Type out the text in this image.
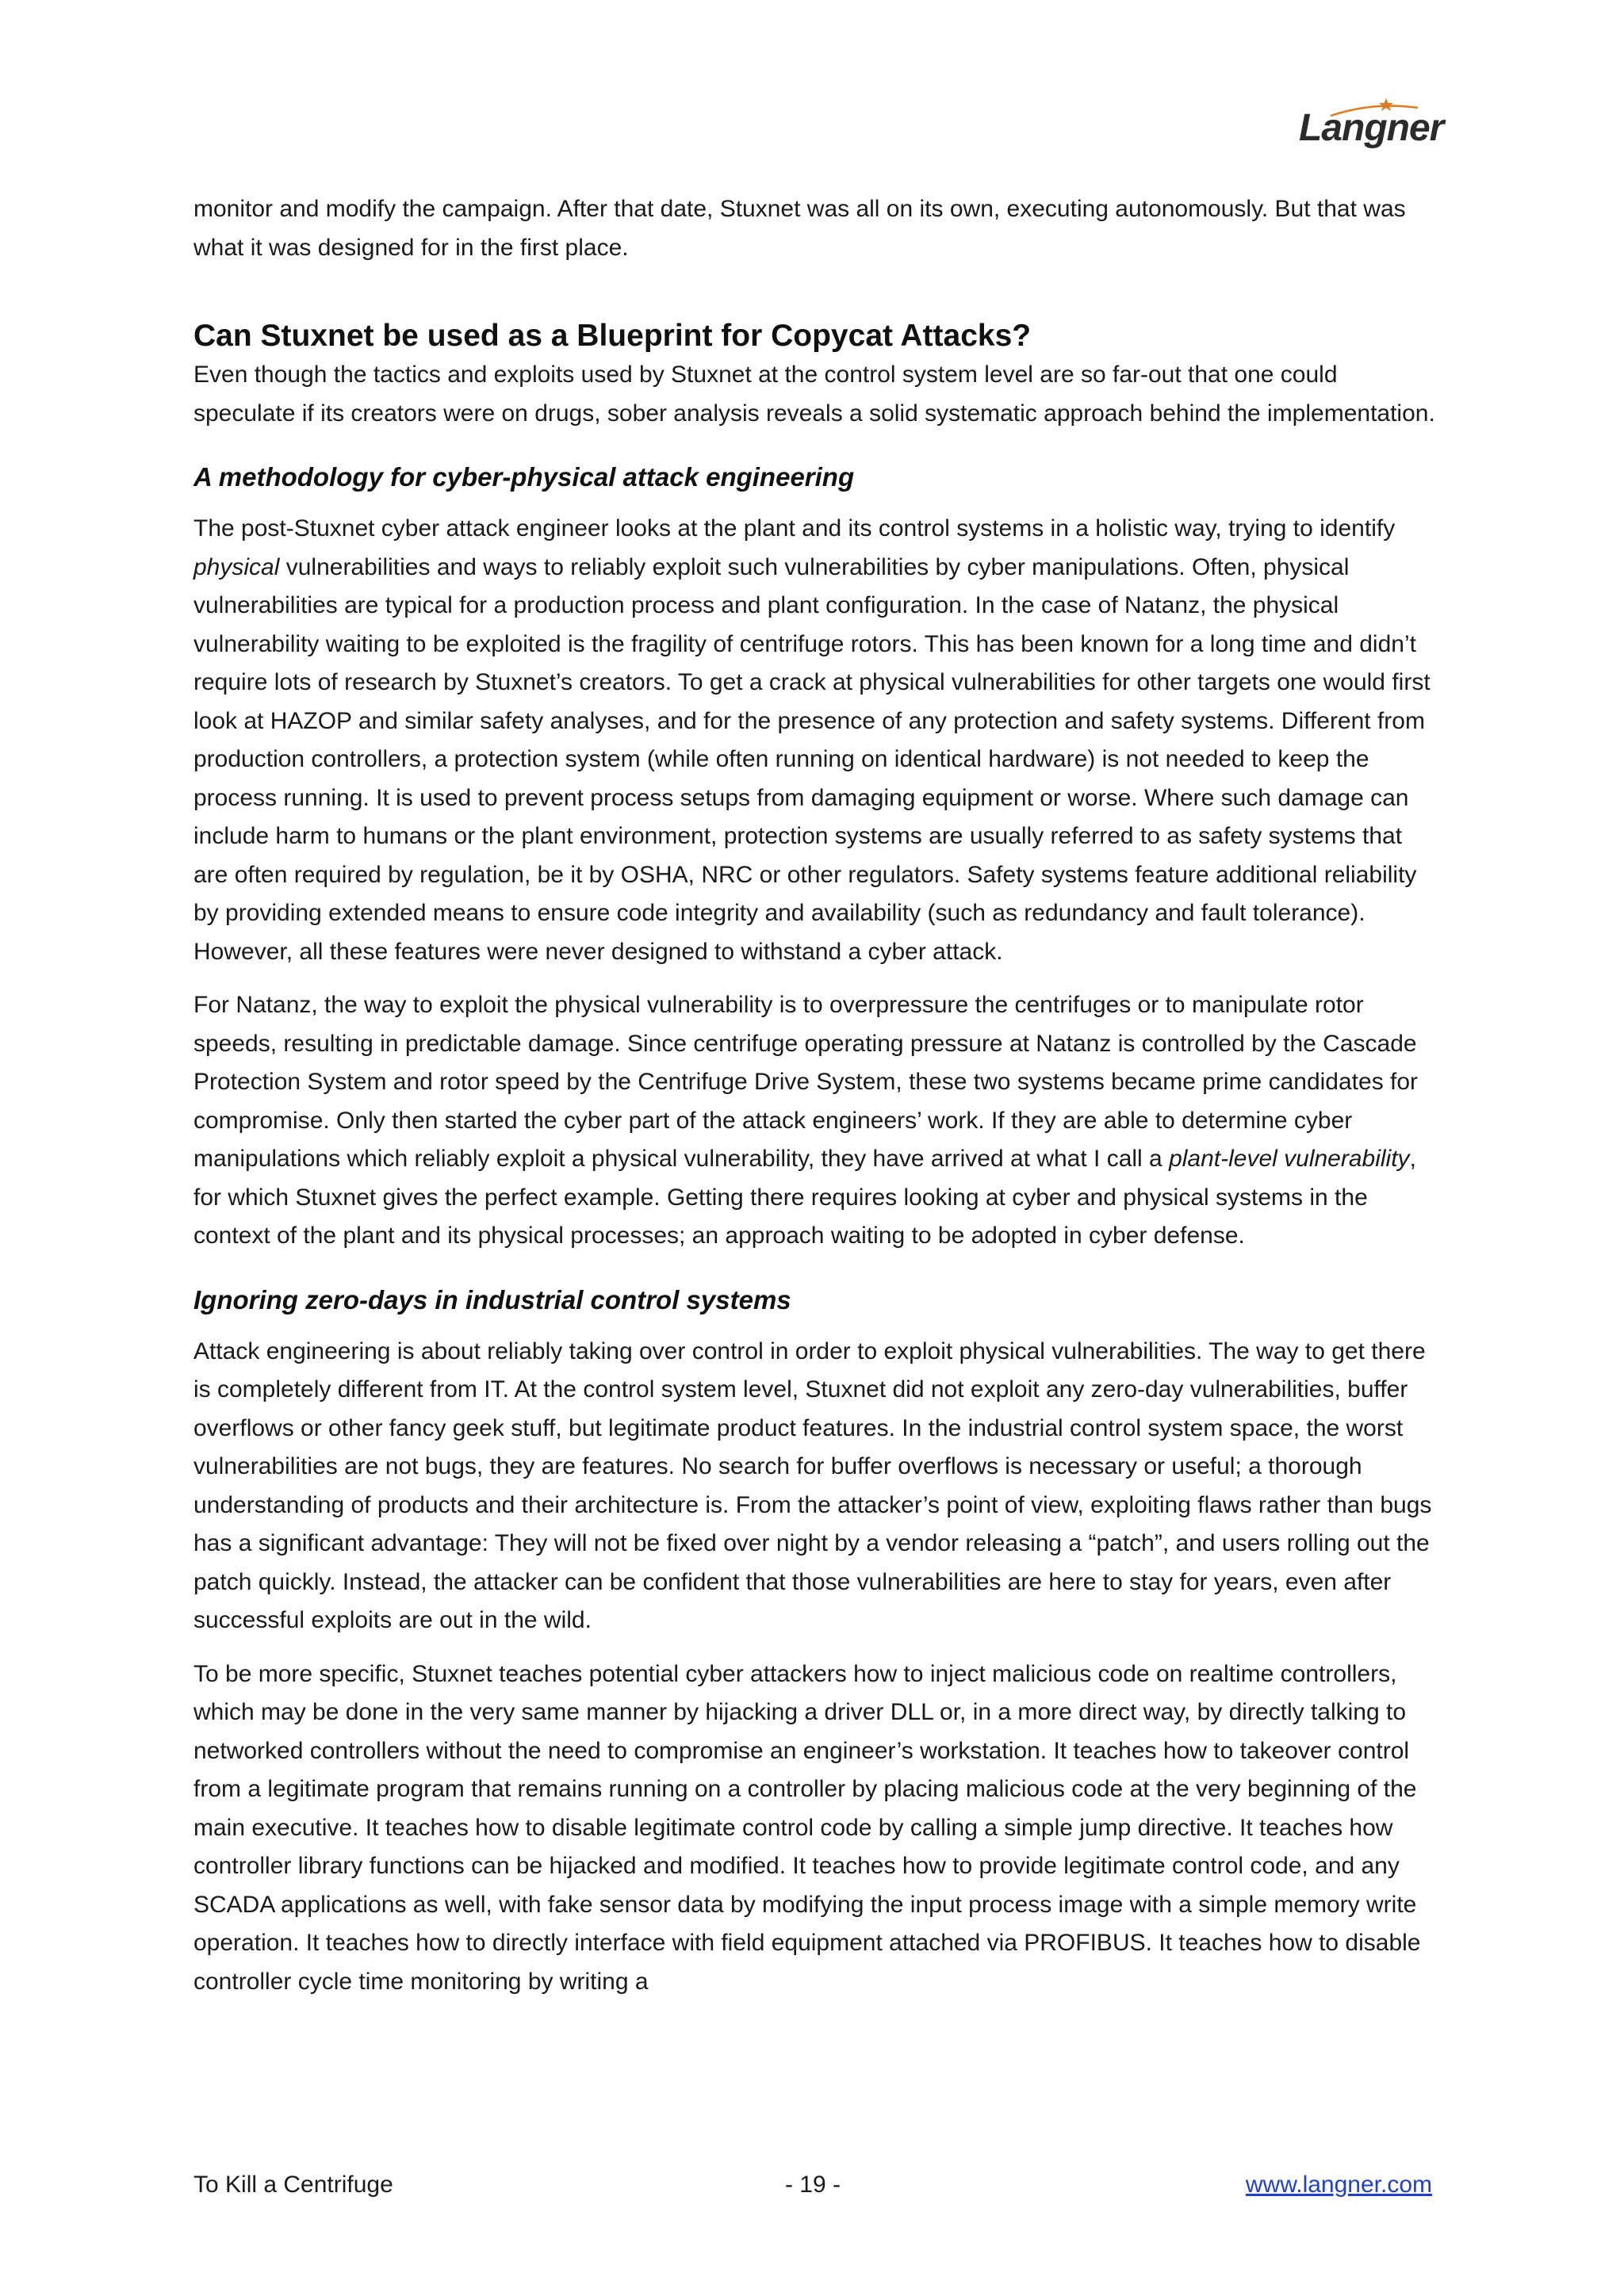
Langner

monitor and modify the campaign. After that date, Stuxnet was all on its own, executing autonomously. But that was what it was designed for in the first place.

Can Stuxnet be used as a Blueprint for Copycat Attacks?

Even though the tactics and exploits used by Stuxnet at the control system level are so far-out that one could speculate if its creators were on drugs, sober analysis reveals a solid systematic approach behind the implementation.

A methodology for cyber-physical attack engineering

The post-Stuxnet cyber attack engineer looks at the plant and its control systems in a holistic way, trying to identify physical vulnerabilities and ways to reliably exploit such vulnerabilities by cyber manipulations. Often, physical vulnerabilities are typical for a production process and plant configuration. In the case of Natanz, the physical vulnerability waiting to be exploited is the fragility of centrifuge rotors. This has been known for a long time and didn’t require lots of research by Stuxnet’s creators. To get a crack at physical vulnerabilities for other targets one would first look at HAZOP and similar safety analyses, and for the presence of any protection and safety systems. Different from production controllers, a protection system (while often running on identical hardware) is not needed to keep the process running. It is used to prevent process setups from damaging equipment or worse. Where such damage can include harm to humans or the plant environment, protection systems are usually referred to as safety systems that are often required by regulation, be it by OSHA, NRC or other regulators. Safety systems feature additional reliability by providing extended means to ensure code integrity and availability (such as redundancy and fault tolerance). However, all these features were never designed to withstand a cyber attack.

For Natanz, the way to exploit the physical vulnerability is to overpressure the centrifuges or to manipulate rotor speeds, resulting in predictable damage. Since centrifuge operating pressure at Natanz is controlled by the Cascade Protection System and rotor speed by the Centrifuge Drive System, these two systems became prime candidates for compromise. Only then started the cyber part of the attack engineers’ work. If they are able to determine cyber manipulations which reliably exploit a physical vulnerability, they have arrived at what I call a plant-level vulnerability, for which Stuxnet gives the perfect example. Getting there requires looking at cyber and physical systems in the context of the plant and its physical processes; an approach waiting to be adopted in cyber defense.

Ignoring zero-days in industrial control systems

Attack engineering is about reliably taking over control in order to exploit physical vulnerabilities. The way to get there is completely different from IT. At the control system level, Stuxnet did not exploit any zero-day vulnerabilities, buffer overflows or other fancy geek stuff, but legitimate product features. In the industrial control system space, the worst vulnerabilities are not bugs, they are features. No search for buffer overflows is necessary or useful; a thorough understanding of products and their architecture is. From the attacker’s point of view, exploiting flaws rather than bugs has a significant advantage: They will not be fixed over night by a vendor releasing a “patch”, and users rolling out the patch quickly. Instead, the attacker can be confident that those vulnerabilities are here to stay for years, even after successful exploits are out in the wild.

To be more specific, Stuxnet teaches potential cyber attackers how to inject malicious code on realtime controllers, which may be done in the very same manner by hijacking a driver DLL or, in a more direct way, by directly talking to networked controllers without the need to compromise an engineer’s workstation. It teaches how to takeover control from a legitimate program that remains running on a controller by placing malicious code at the very beginning of the main executive. It teaches how to disable legitimate control code by calling a simple jump directive. It teaches how controller library functions can be hijacked and modified. It teaches how to provide legitimate control code, and any SCADA applications as well, with fake sensor data by modifying the input process image with a simple memory write operation. It teaches how to directly interface with field equipment attached via PROFIBUS. It teaches how to disable controller cycle time monitoring by writing a

To Kill a Centrifuge	- 19 -	www.langner.com
